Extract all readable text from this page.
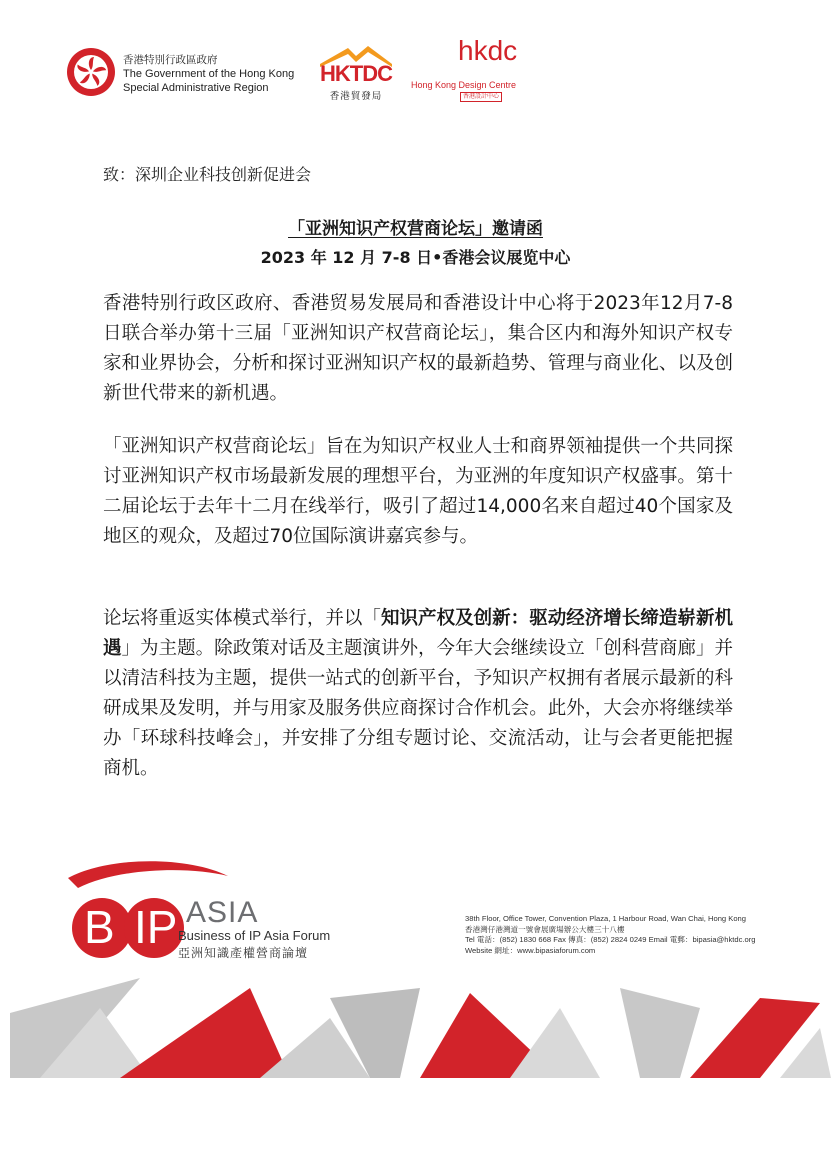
香港特別行政區政府
The Government of the Hong Kong
Special Administrative Region
HKTDC
香港貿發局
hkdc
Hong Kong Design Centre
香港設計中心
致：深圳企业科技创新促进会
「亚洲知识产权营商论坛」邀请函
2023 年 12 月 7-8 日•香港会议展览中心
香港特别行政区政府、香港贸易发展局和香港设计中心将于2023年12月7-8日联合举办第十三届「亚洲知识产权营商论坛」，集合区内和海外知识产权专家和业界协会，分析和探讨亚洲知识产权的最新趋势、管理与商业化、以及创新世代带来的新机遇。
「亚洲知识产权营商论坛」旨在为知识产权业人士和商界领袖提供一个共同探讨亚洲知识产权市场最新发展的理想平台，为亚洲的年度知识产权盛事。第十二届论坛于去年十二月在线举行，吸引了超过14,000名来自超过40个国家及地区的观众，及超过70位国际演讲嘉宾参与。
论坛将重返实体模式举行，并以「知识产权及创新：驱动经济增长缔造崭新机遇」为主题。除政策对话及主题演讲外，今年大会继续设立「创科营商廊」并以清洁科技为主题，提供一站式的创新平台，予知识产权拥有者展示最新的科研成果及发明，并与用家及服务供应商探讨合作机会。此外，大会亦将继续举办「环球科技峰会」，并安排了分组专题讨论、交流活动，让与会者更能把握商机。
B IP ASIA
Business of IP Asia Forum
亞洲知識產權營商論壇
38th Floor, Office Tower, Convention Plaza, 1 Harbour Road, Wan Chai, Hong Kong
香港灣仔港灣道一號會展廣場辦公大樓三十八樓
Tel 電話：(852) 1830 668 Fax 傳真：(852) 2824 0249 Email 電郵：bipasia@hktdc.org
Website 網址：www.bipasiaforum.com
